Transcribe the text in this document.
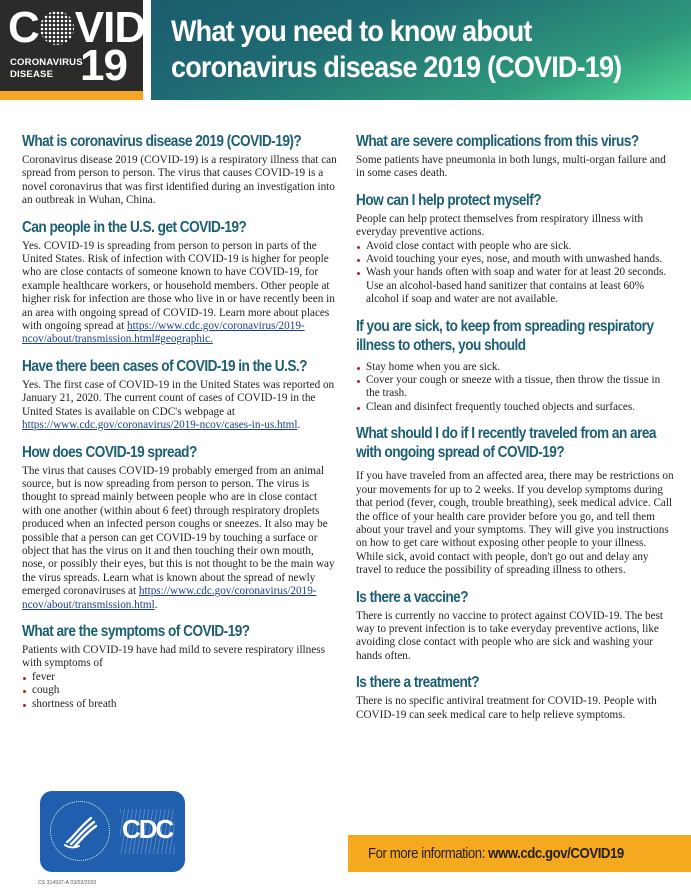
C VID
CORONAVIRUS
DISEASE 19
What you need to know about
coronavirus disease 2019 (COVID-19)
What is coronavirus disease 2019 (COVID-19)?

Coronavirus disease 2019 (COVID-19) is a respiratory illness that can spread from person to person. The virus that causes COVID-19 is a novel coronavirus that was first identified during an investigation into an outbreak in Wuhan, China.

Can people in the U.S. get COVID-19?

Yes. COVID-19 is spreading from person to person in parts of the United States. Risk of infection with COVID-19 is higher for people who are close contacts of someone known to have COVID-19, for example healthcare workers, or household members. Other people at higher risk for infection are those who live in or have recently been in an area with ongoing spread of COVID-19. Learn more about places with ongoing spread at https://www.cdc.gov/coronavirus/2019-ncov/about/transmission.html#geographic.

Have there been cases of COVID-19 in the U.S.?

Yes. The first case of COVID-19 in the United States was reported on January 21, 2020. The current count of cases of COVID-19 in the United States is available on CDC's webpage at https://www.cdc.gov/coronavirus/2019-ncov/cases-in-us.html.

How does COVID-19 spread?

The virus that causes COVID-19 probably emerged from an animal source, but is now spreading from person to person. The virus is thought to spread mainly between people who are in close contact with one another (within about 6 feet) through respiratory droplets produced when an infected person coughs or sneezes. It also may be possible that a person can get COVID-19 by touching a surface or object that has the virus on it and then touching their own mouth, nose, or possibly their eyes, but this is not thought to be the main way the virus spreads. Learn what is known about the spread of newly emerged coronaviruses at https://www.cdc.gov/coronavirus/2019-ncov/about/transmission.html.

What are the symptoms of COVID-19?

Patients with COVID-19 have had mild to severe respiratory illness with symptoms of

fever
cough
shortness of breath
What are severe complications from this virus?

Some patients have pneumonia in both lungs, multi-organ failure and in some cases death.

How can I help protect myself?

People can help protect themselves from respiratory illness with everyday preventive actions.

Avoid close contact with people who are sick.
Avoid touching your eyes, nose, and mouth with unwashed hands.
Wash your hands often with soap and water for at least 20 seconds. Use an alcohol-based hand sanitizer that contains at least 60% alcohol if soap and water are not available.
If you are sick, to keep from spreading respiratory illness to others, you should
Stay home when you are sick.
Cover your cough or sneeze with a tissue, then throw the tissue in the trash.
Clean and disinfect frequently touched objects and surfaces.
What should I do if I recently traveled from an area with ongoing spread of COVID-19?

If you have traveled from an affected area, there may be restrictions on your movements for up to 2 weeks. If you develop symptoms during that period (fever, cough, trouble breathing), seek medical advice. Call the office of your health care provider before you go, and tell them about your travel and your symptoms. They will give you instructions on how to get care without exposing other people to your illness. While sick, avoid contact with people, don't go out and delay any travel to reduce the possibility of spreading illness to others.

Is there a vaccine?

There is currently no vaccine to protect against COVID-19. The best way to prevent infection is to take everyday preventive actions, like avoiding close contact with people who are sick and washing your hands often.

Is there a treatment?

There is no specific antiviral treatment for COVID-19. People with COVID-19 can seek medical care to help relieve symptoms.

CDC
CS 314937-A 03/03/2020
For more information: www.cdc.gov/COVID19
